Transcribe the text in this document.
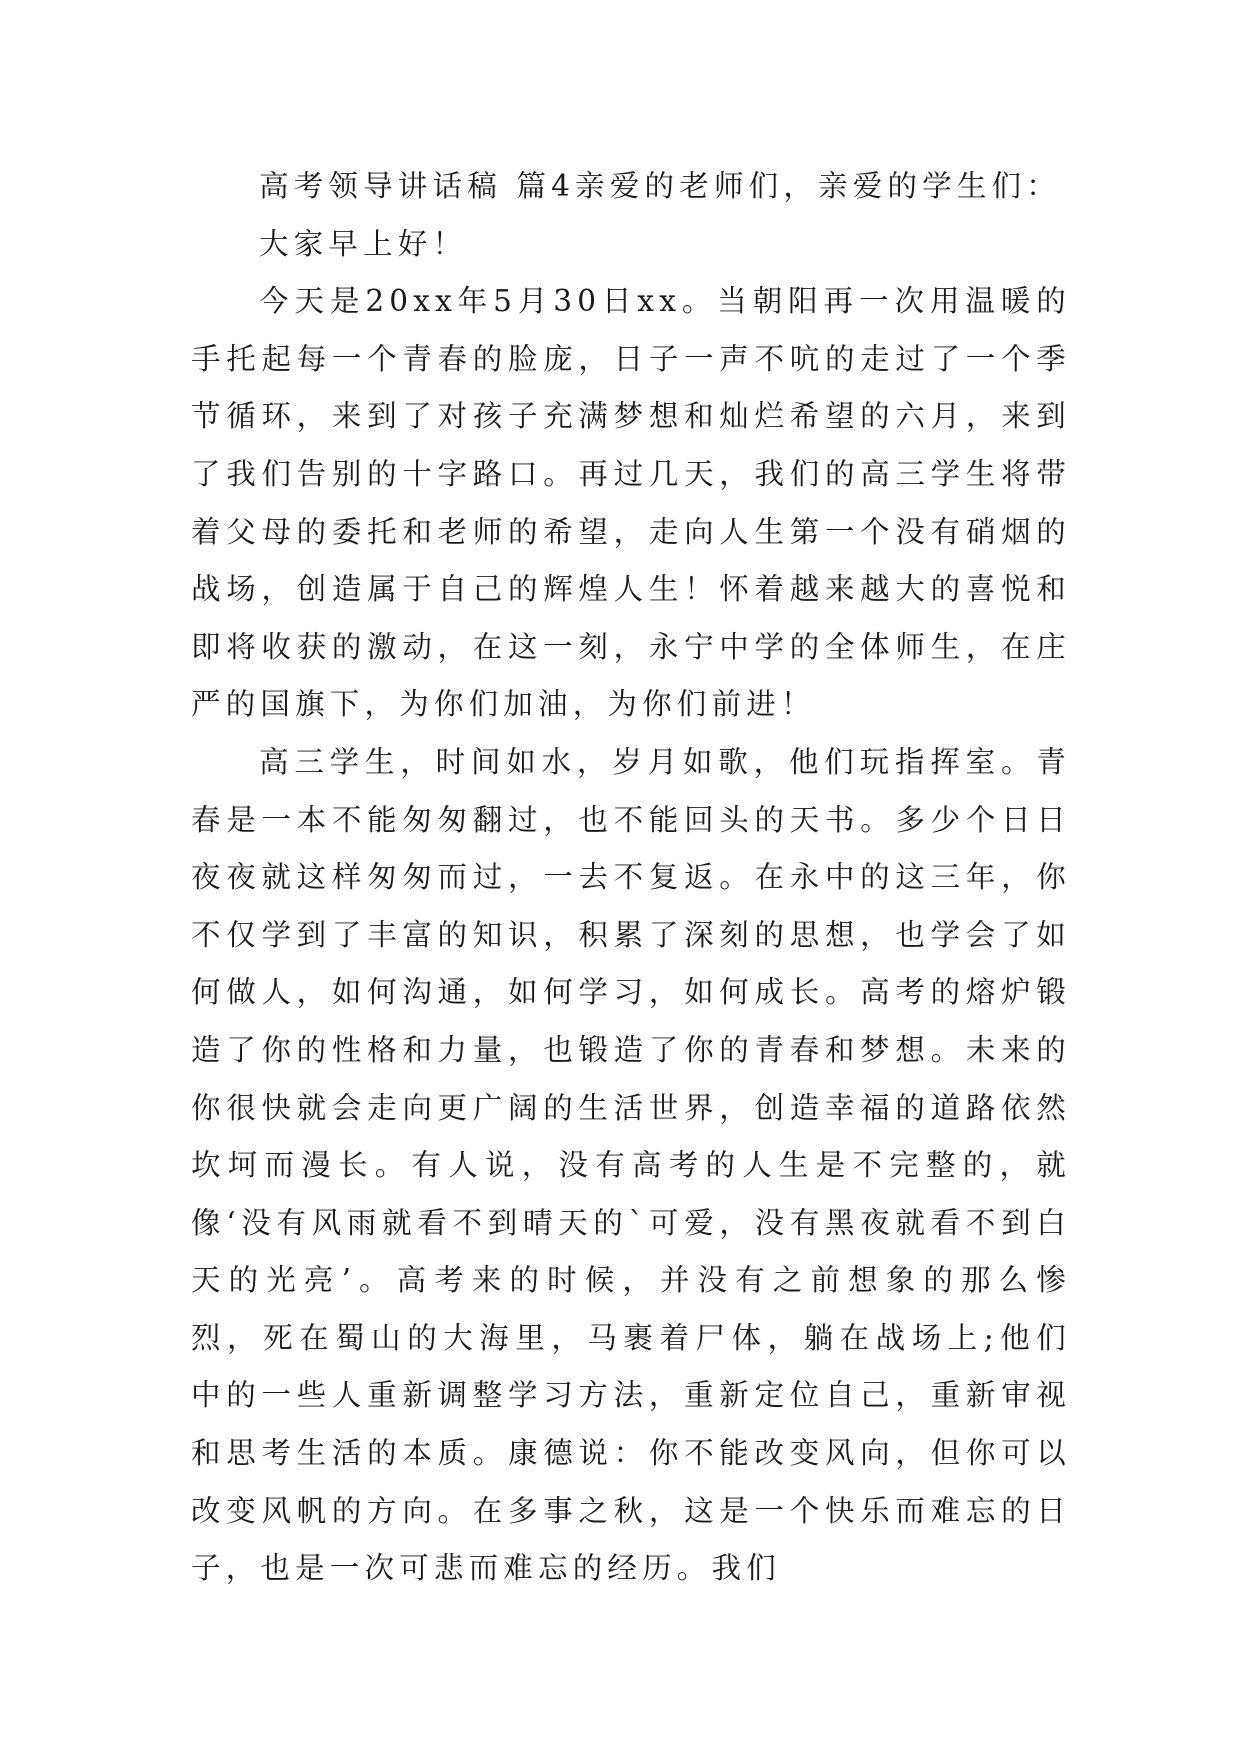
高考领导讲话稿 篇4亲爱的老师们，亲爱的学生们：

大家早上好！

今天是20xx年5月30日xx。当朝阳再一次用温暖的手托起每一个青春的脸庞，日子一声不吭的走过了一个季节循环，来到了对孩子充满梦想和灿烂希望的六月，来到了我们告别的十字路口。再过几天，我们的高三学生将带着父母的委托和老师的希望，走向人生第一个没有硝烟的战场，创造属于自己的辉煌人生！怀着越来越大的喜悦和即将收获的激动，在这一刻，永宁中学的全体师生，在庄严的国旗下，为你们加油，为你们前进！

高三学生，时间如水，岁月如歌，他们玩指挥室。青春是一本不能匆匆翻过，也不能回头的天书。多少个日日夜夜就这样匆匆而过，一去不复返。在永中的这三年，你不仅学到了丰富的知识，积累了深刻的思想，也学会了如何做人，如何沟通，如何学习，如何成长。高考的熔炉锻造了你的性格和力量，也锻造了你的青春和梦想。未来的你很快就会走向更广阔的生活世界，创造幸福的道路依然坎坷而漫长。有人说，没有高考的人生是不完整的，就像‘没有风雨就看不到晴天的`可爱，没有黑夜就看不到白天的光亮’。高考来的时候，并没有之前想象的那么惨烈，死在蜀山的大海里，马裹着尸体，躺在战场上;他们中的一些人重新调整学习方法，重新定位自己，重新审视和思考生活的本质。康德说：你不能改变风向，但你可以改变风帆的方向。在多事之秋，这是一个快乐而难忘的日子，也是一次可悲而难忘的经历。我们
